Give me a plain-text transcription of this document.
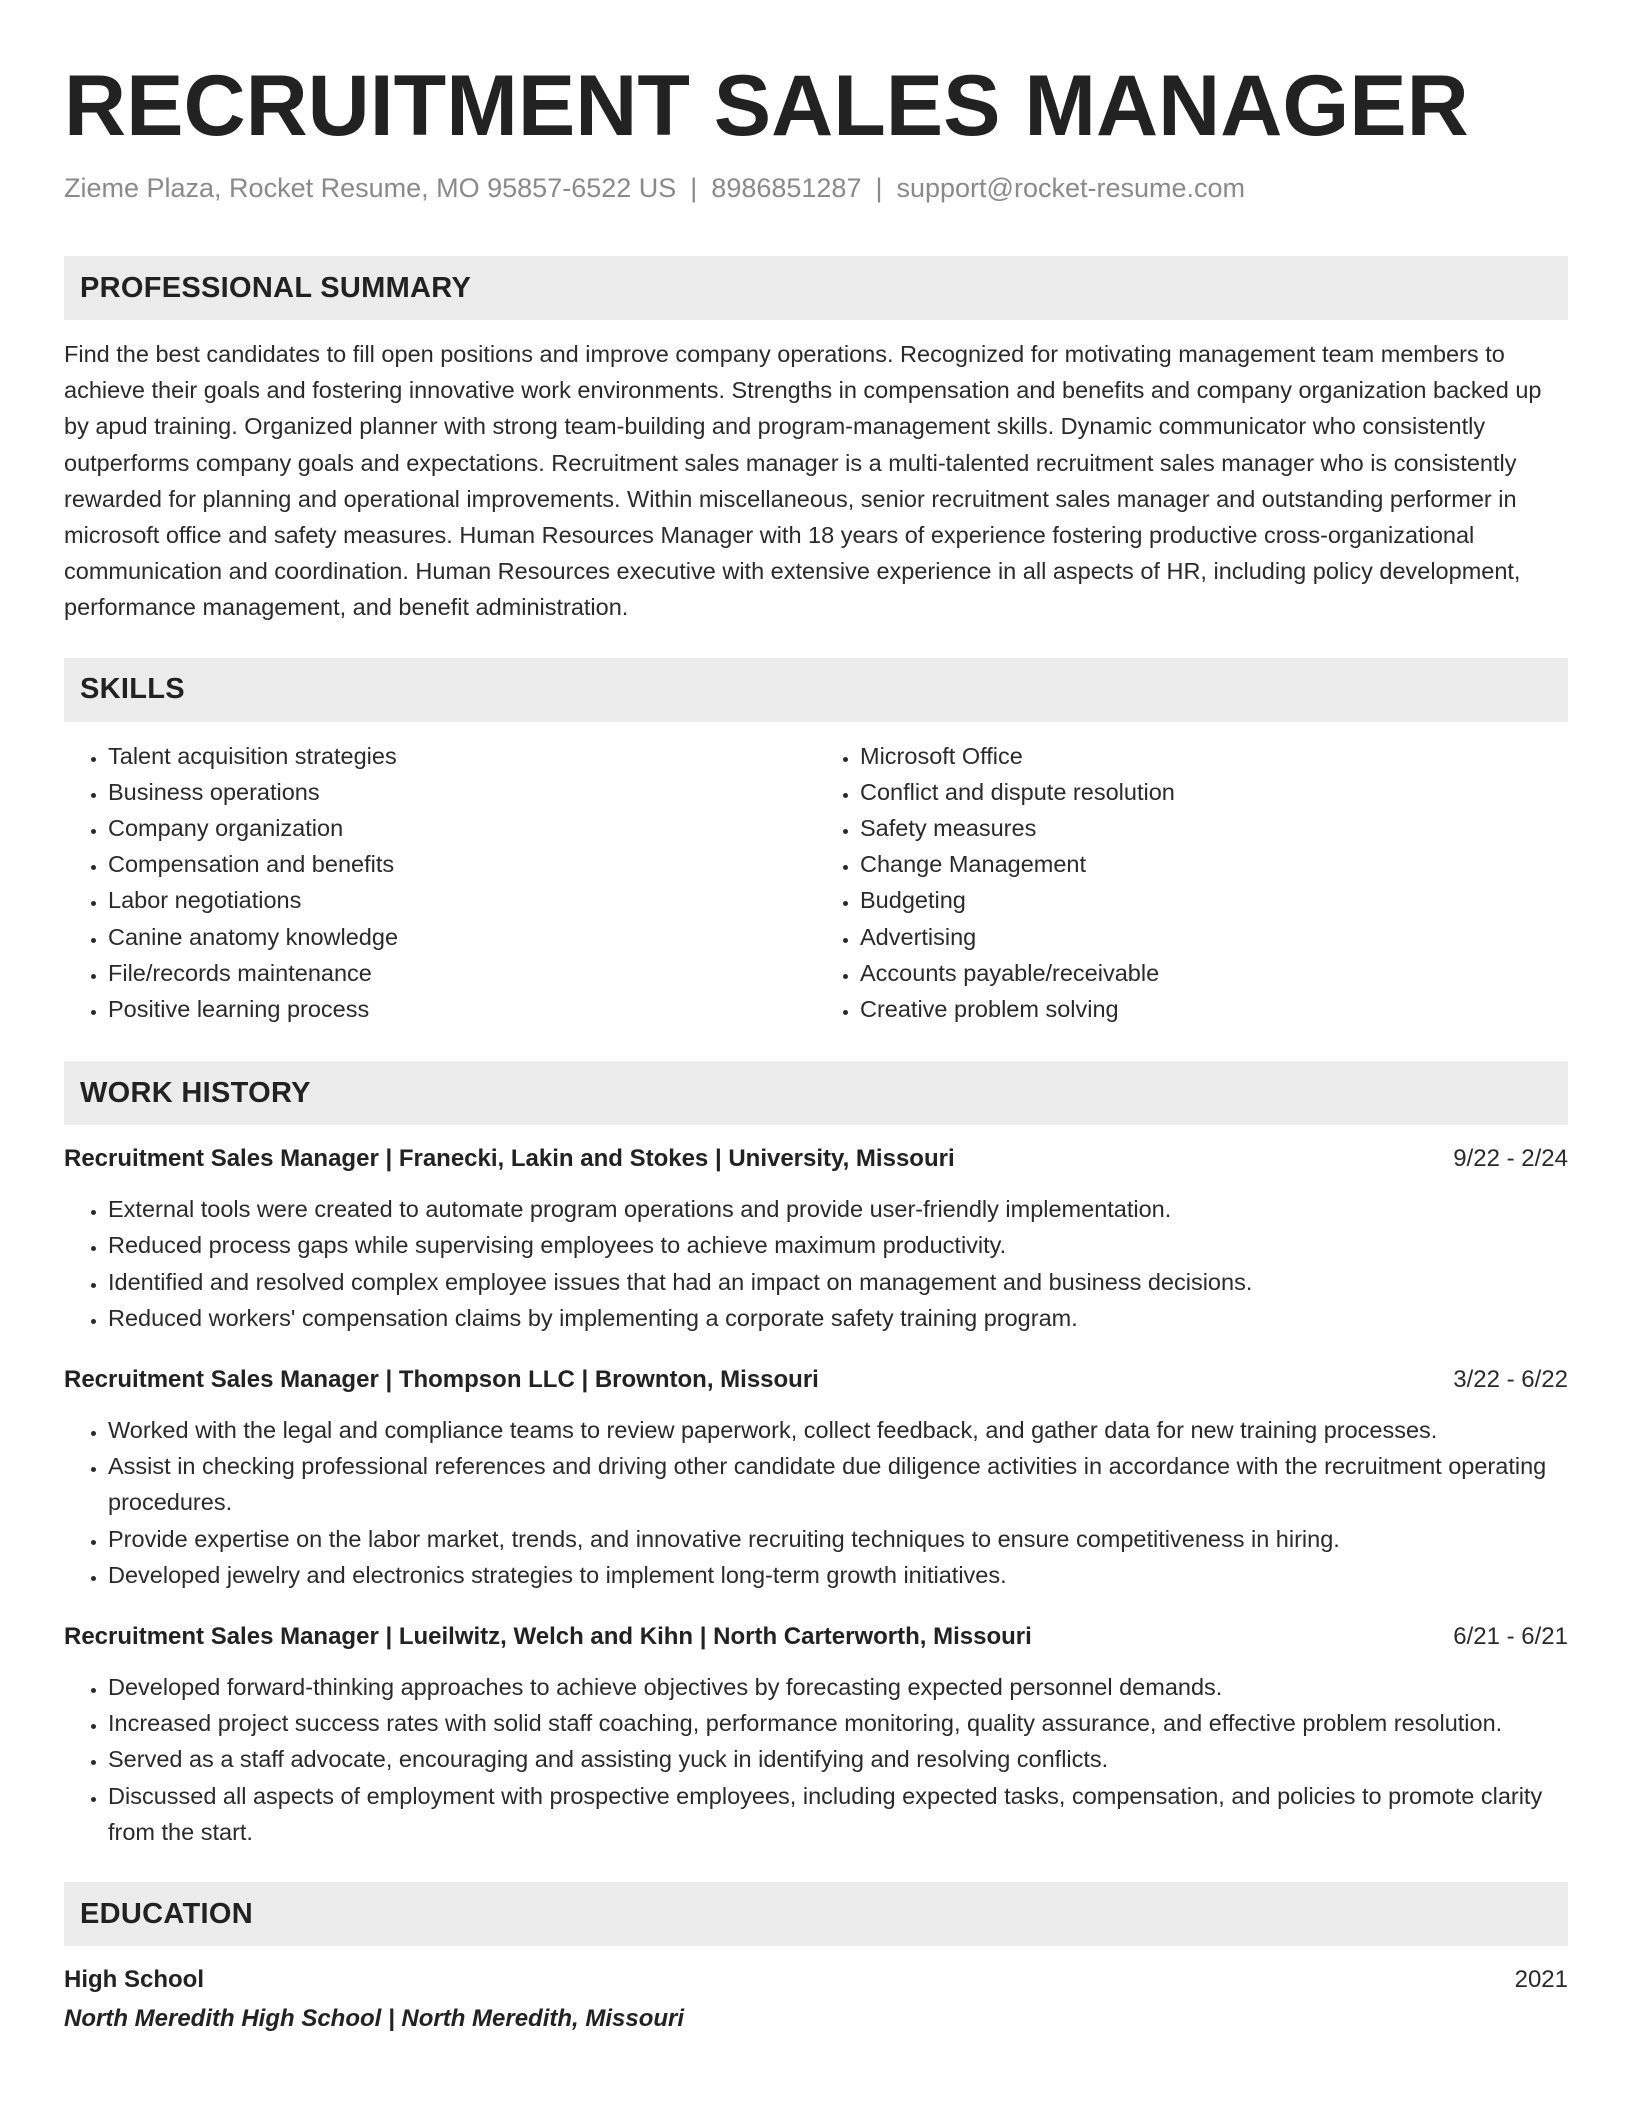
RECRUITMENT SALES MANAGER
Zieme Plaza, Rocket Resume, MO 95857-6522 US | 8986851287 | support@rocket-resume.com
PROFESSIONAL SUMMARY
Find the best candidates to fill open positions and improve company operations. Recognized for motivating management team members to achieve their goals and fostering innovative work environments. Strengths in compensation and benefits and company organization backed up by apud training. Organized planner with strong team-building and program-management skills. Dynamic communicator who consistently outperforms company goals and expectations. Recruitment sales manager is a multi-talented recruitment sales manager who is consistently rewarded for planning and operational improvements. Within miscellaneous, senior recruitment sales manager and outstanding performer in microsoft office and safety measures. Human Resources Manager with 18 years of experience fostering productive cross-organizational communication and coordination. Human Resources executive with extensive experience in all aspects of HR, including policy development, performance management, and benefit administration.
SKILLS
• Talent acquisition strategies
• Business operations
• Company organization
• Compensation and benefits
• Labor negotiations
• Canine anatomy knowledge
• File/records maintenance
• Positive learning process
• Microsoft Office
• Conflict and dispute resolution
• Safety measures
• Change Management
• Budgeting
• Advertising
• Accounts payable/receivable
• Creative problem solving
WORK HISTORY
Recruitment Sales Manager | Franecki, Lakin and Stokes | University, Missouri	9/22 - 2/24
• External tools were created to automate program operations and provide user-friendly implementation.
• Reduced process gaps while supervising employees to achieve maximum productivity.
• Identified and resolved complex employee issues that had an impact on management and business decisions.
• Reduced workers' compensation claims by implementing a corporate safety training program.
Recruitment Sales Manager | Thompson LLC | Brownton, Missouri	3/22 - 6/22
• Worked with the legal and compliance teams to review paperwork, collect feedback, and gather data for new training processes.
• Assist in checking professional references and driving other candidate due diligence activities in accordance with the recruitment operating procedures.
• Provide expertise on the labor market, trends, and innovative recruiting techniques to ensure competitiveness in hiring.
• Developed jewelry and electronics strategies to implement long-term growth initiatives.
Recruitment Sales Manager | Lueilwitz, Welch and Kihn | North Carterworth, Missouri	6/21 - 6/21
• Developed forward-thinking approaches to achieve objectives by forecasting expected personnel demands.
• Increased project success rates with solid staff coaching, performance monitoring, quality assurance, and effective problem resolution.
• Served as a staff advocate, encouraging and assisting yuck in identifying and resolving conflicts.
• Discussed all aspects of employment with prospective employees, including expected tasks, compensation, and policies to promote clarity from the start.
EDUCATION
High School	2021
North Meredith High School | North Meredith, Missouri
